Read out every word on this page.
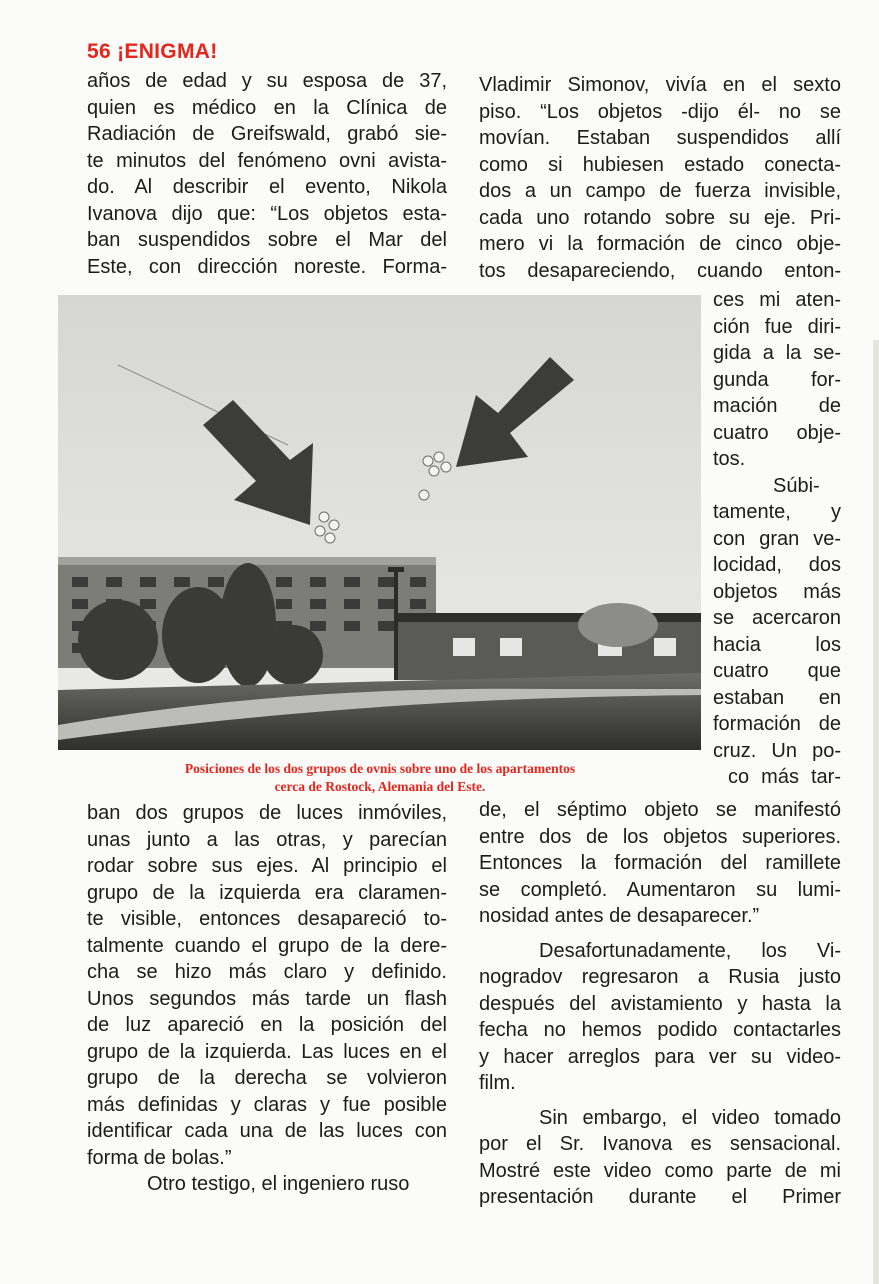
56 ¡ENIGMA!
años de edad y su esposa de 37,
quien es médico en la Clínica de
Radiación de Greifswald, grabó sie-
te minutos del fenómeno ovni avista-
do. Al describir el evento, Nikola
Ivanova dijo que: “Los objetos esta-
ban suspendidos sobre el Mar del
Este, con dirección noreste. Forma-
Vladimir Simonov, vivía en el sexto
piso. “Los objetos -dijo él- no se
movían. Estaban suspendidos allí
como si hubiesen estado conecta-
dos a un campo de fuerza invisible,
cada uno rotando sobre su eje. Pri-
mero vi la formación de cinco obje-
tos desapareciendo, cuando enton-
ces mi aten-
ción fue diri-
gida a la se-
gunda for-
mación de
cuatro obje-
tos.
Súbi-
tamente, y
con gran ve-
locidad, dos
objetos más
se acercaron
hacia los
cuatro que
estaban en
formación de
cruz. Un po-
co más tar-
Posiciones de los dos grupos de ovnis sobre uno de los apartamentos
cerca de Rostock, Alemania del Este.
ban dos grupos de luces inmóviles,
unas junto a las otras, y parecían
rodar sobre sus ejes. Al principio el
grupo de la izquierda era claramen-
te visible, entonces desapareció to-
talmente cuando el grupo de la dere-
cha se hizo más claro y definido.
Unos segundos más tarde un flash
de luz apareció en la posición del
grupo de la izquierda. Las luces en el
grupo de la derecha se volvieron
más definidas y claras y fue posible
identificar cada una de las luces con
forma de bolas.”
Otro testigo, el ingeniero ruso
de, el séptimo objeto se manifestó
entre dos de los objetos superiores.
Entonces la formación del ramillete
se completó. Aumentaron su lumi-
nosidad antes de desaparecer.”
Desafortunadamente, los Vi-
nogradov regresaron a Rusia justo
después del avistamiento y hasta la
fecha no hemos podido contactarles
y hacer arreglos para ver su video-
film.
Sin embargo, el video tomado
por el Sr. Ivanova es sensacional.
Mostré este video como parte de mi
presentación durante el Primer
